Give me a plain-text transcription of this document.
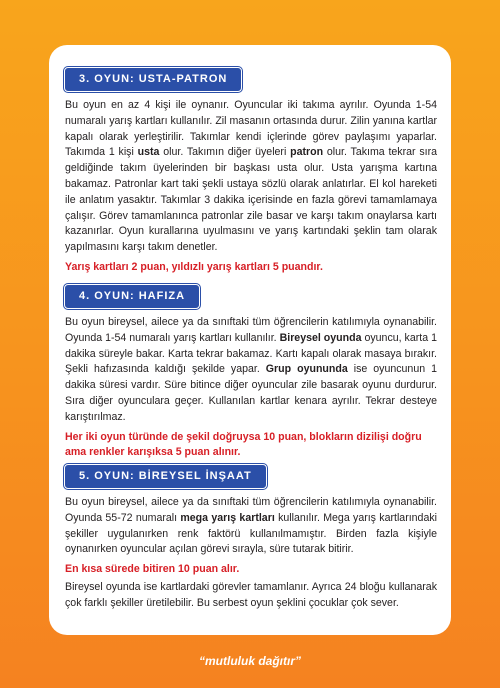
3. OYUN: USTA-PATRON
Bu oyun en az 4 kişi ile oynanır. Oyuncular iki takıma ayrılır. Oyunda 1-54 numaralı yarış kartları kullanılır. Zil masanın ortasında durur. Zilin yanına kartlar kapalı olarak yerleştirilir. Takımlar kendi içlerinde görev paylaşımı yaparlar. Takımda 1 kişi usta olur. Takımın diğer üyeleri patron olur. Takıma tekrar sıra geldiğinde takım üyelerinden bir başkası usta olur. Usta yarışma kartına bakamaz. Patronlar kart taki şekli ustaya sözlü olarak anlatırlar. El kol hareketi ile anlatım yasaktır. Takımlar 3 dakika içerisinde en fazla görevi tamamlamaya çalışır. Görev tamamlanınca patronlar zile basar ve karşı takım onaylarsa kartı kazanırlar. Oyun kurallarına uyulmasını ve yarış kartındaki şeklin tam olarak yapılmasını karşı takım denetler.
Yarış kartları 2 puan, yıldızlı yarış kartları 5 puandır.
4. OYUN: HAFIZA
Bu oyun bireysel, ailece ya da sınıftaki tüm öğrencilerin katılımıyla oynanabilir. Oyunda 1-54 numaralı yarış kartları kullanılır. Bireysel oyunda oyuncu, karta 1 dakika süreyle bakar. Karta tekrar bakamaz. Kartı kapalı olarak masaya bırakır. Şekli hafızasında kaldığı şekilde yapar. Grup oyununda ise oyuncunun 1 dakika süresi vardır. Süre bitince diğer oyuncular zile basarak oyunu durdurur. Sıra diğer oyunculara geçer. Kullanılan kartlar kenara ayrılır. Tekrar desteye karıştırılmaz.
Her iki oyun türünde de şekil doğruysa 10 puan, blokların dizilişi doğru ama renkler karışıksa 5 puan alınır.
5. OYUN: BİREYSEL İNŞAAT
Bu oyun bireysel, ailece ya da sınıftaki tüm öğrencilerin katılımıyla oynanabilir. Oyunda 55-72 numaralı mega yarış kartları kullanılır. Mega yarış kartlarındaki şekiller uygulanırken renk faktörü kullanılmamıştır. Birden fazla kişiyle oynanırken oyuncular açılan görevi sırayla, süre tutarak bitirir.
En kısa sürede bitiren 10 puan alır.
Bireysel oyunda ise kartlardaki görevler tamamlanır. Ayrıca 24 bloğu kullanarak çok farklı şekiller üretilebilir. Bu serbest oyun şeklini çocuklar çok sever.
“mutluluk dağıtır”
